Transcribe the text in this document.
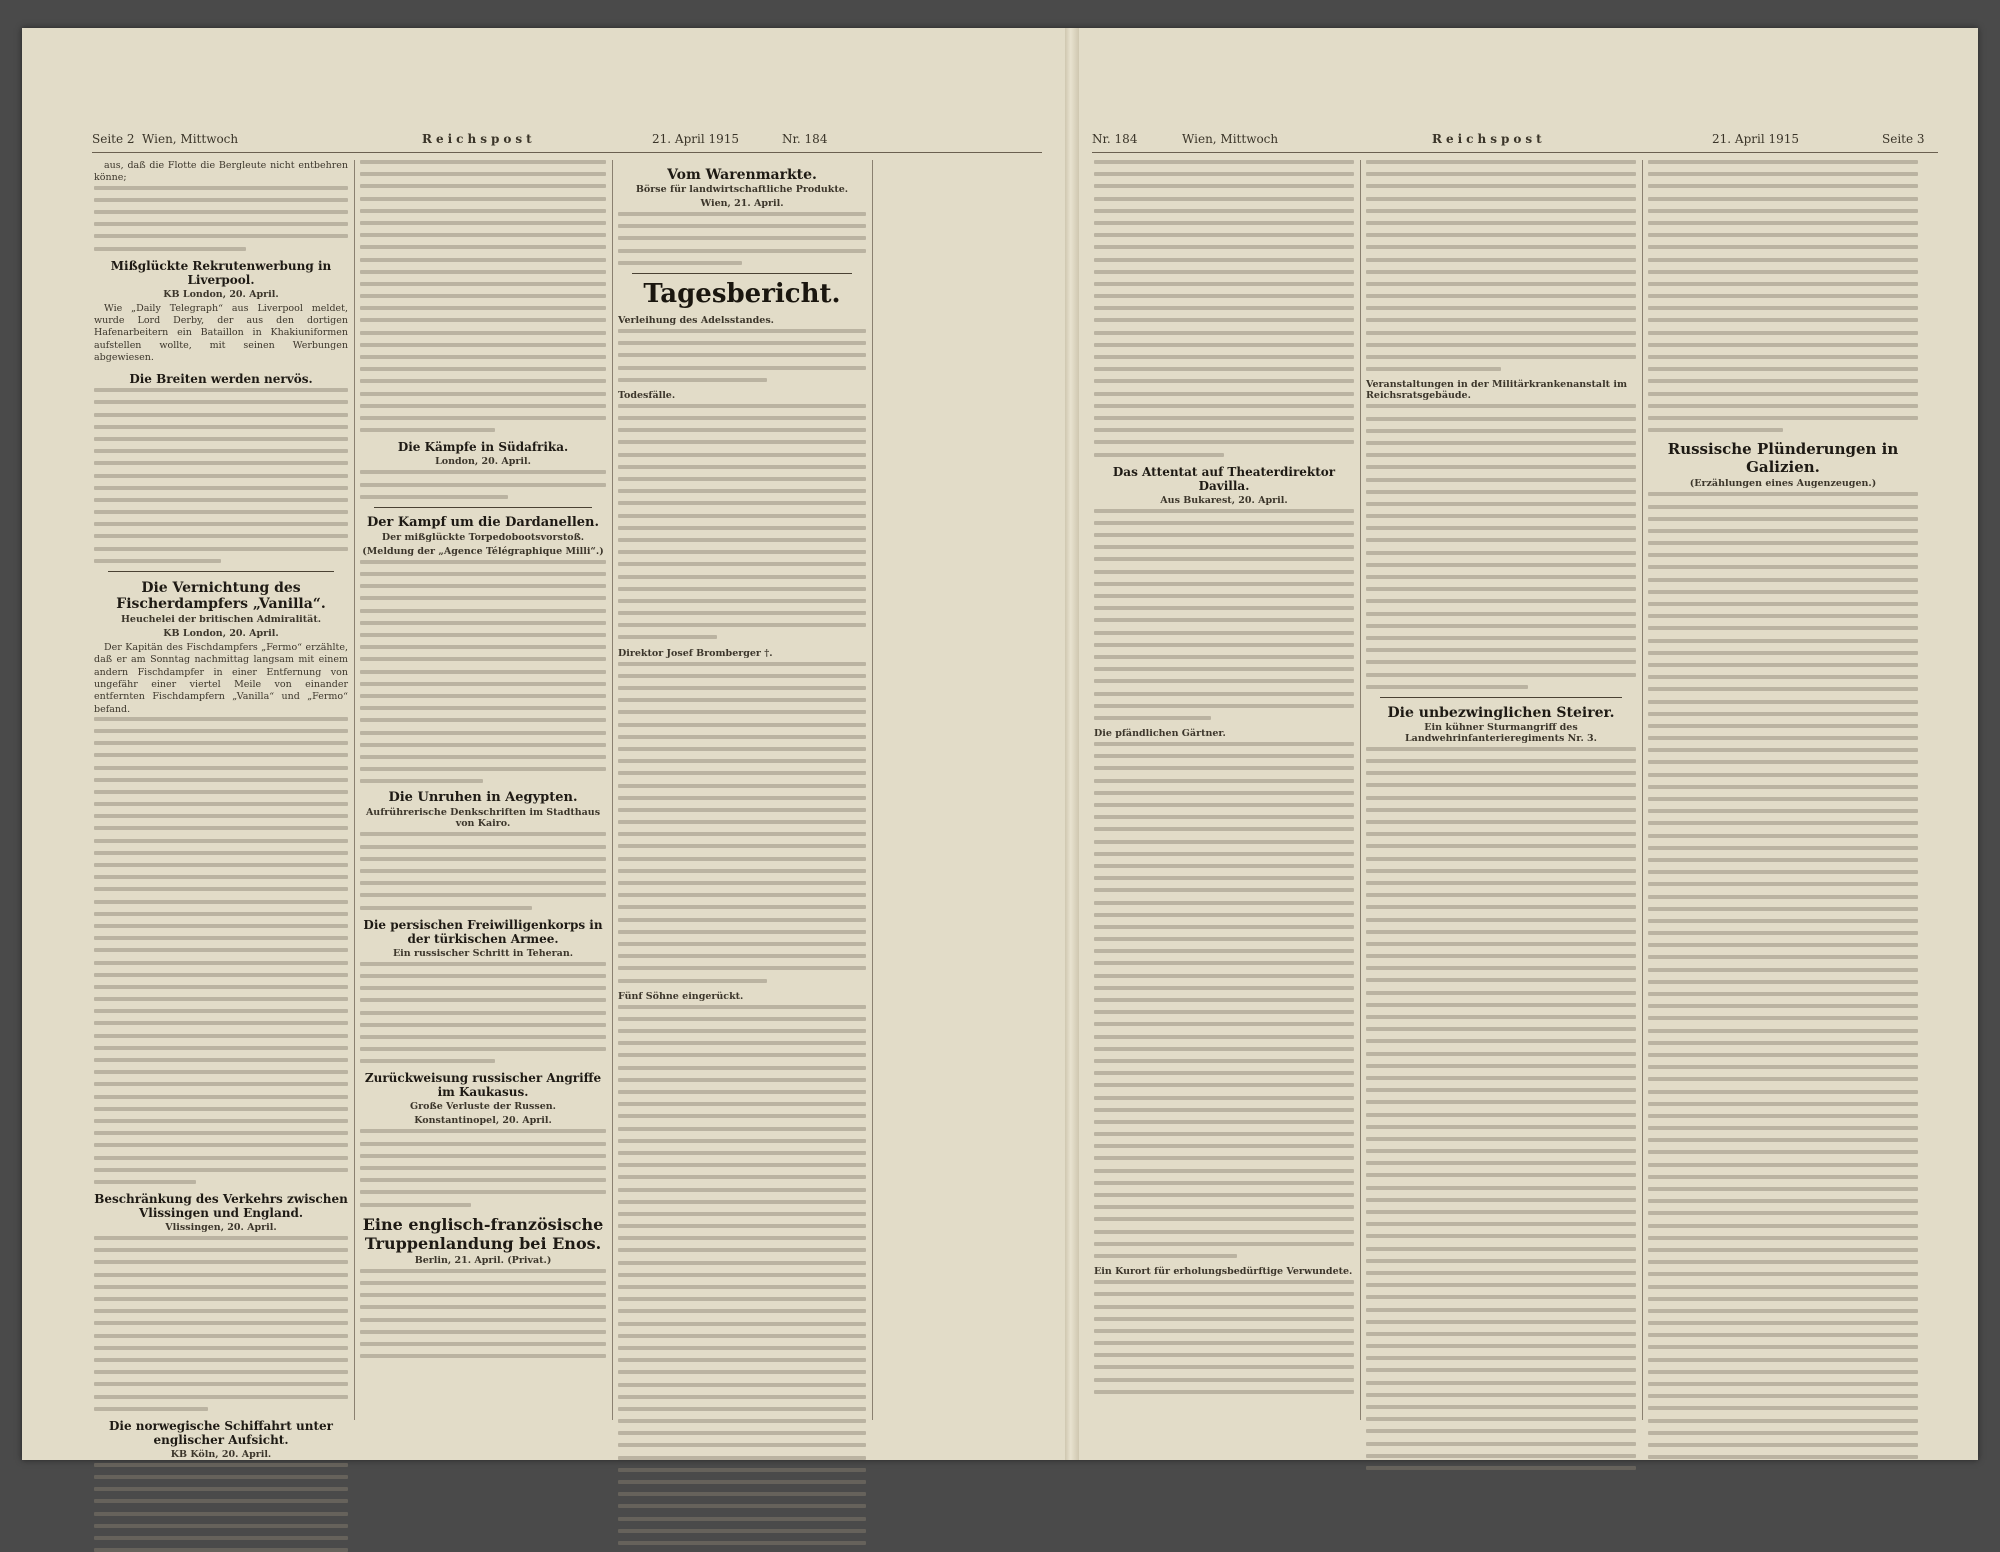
Seite 2 Wien, Mittwoch	Reichspost	21. April 1915	Nr. 184

aus, daß die Flotte die Bergleute nicht entbehren könne;

Mißglückte Rekrutenwerbung in Liverpool.
KB London, 20. April.

Wie „Daily Telegraph“ aus Liverpool meldet, wurde Lord Derby, der aus den dortigen Hafenarbeitern ein Bataillon in Khakiuniformen aufstellen wollte, mit seinen Werbungen abgewiesen.

Die Breiten werden nervös.
Die Vernichtung des Fischerdampfers „Vanilla“.
Heuchelei der britischen Admiralität.
KB London, 20. April.

Der Kapitän des Fischdampfers „Fermo“ erzählte, daß er am Sonntag nachmittag langsam mit einem andern Fischdampfer in einer Entfernung von ungefähr einer viertel Meile von einander entfernten Fischdampfern „Vanilla“ und „Fermo“ befand.

Beschränkung des Verkehrs zwischen Vlissingen und England.
Vlissingen, 20. April.
Die norwegische Schiffahrt unter englischer Aufsicht.
KB Köln, 20. April.
Die Kämpfe in Südafrika.
London, 20. April.
Der Kampf um die Dardanellen.
Der mißglückte Torpedobootsvorstoß.
(Meldung der „Agence Télégraphique Milli“.)
Die Unruhen in Aegypten.
Aufrührerische Denkschriften im Stadthaus von Kairo.
Die persischen Freiwilligenkorps in der türkischen Armee.
Ein russischer Schritt in Teheran.
Zurückweisung russischer Angriffe im Kaukasus.
Große Verluste der Russen.
Konstantinopel, 20. April.
Eine englisch-französische Truppenlandung bei Enos.
Berlin, 21. April. (Privat.)
Vom Warenmarkte.
Börse für landwirtschaftliche Produkte.
Wien, 21. April.
Tagesbericht.
Verleihung des Adelsstandes.
Todesfälle.
Direktor Josef Bromberger †.
Fünf Söhne eingerückt.
Nr. 184	Wien, Mittwoch	Reichspost	21. April 1915	Seite 3
Das Attentat auf Theaterdirektor Davilla.
Aus Bukarest, 20. April.
Die pfändlichen Gärtner.
Ein Kurort für erholungsbedürftige Verwundete.
Veranstaltungen in der Militärkrankenanstalt im Reichsratsgebäude.
Die unbezwinglichen Steirer.
Ein kühner Sturmangriff des Landwehrinfanterieregiments Nr. 3.
Russische Plünderungen in Galizien.
(Erzählungen eines Augenzeugen.)
